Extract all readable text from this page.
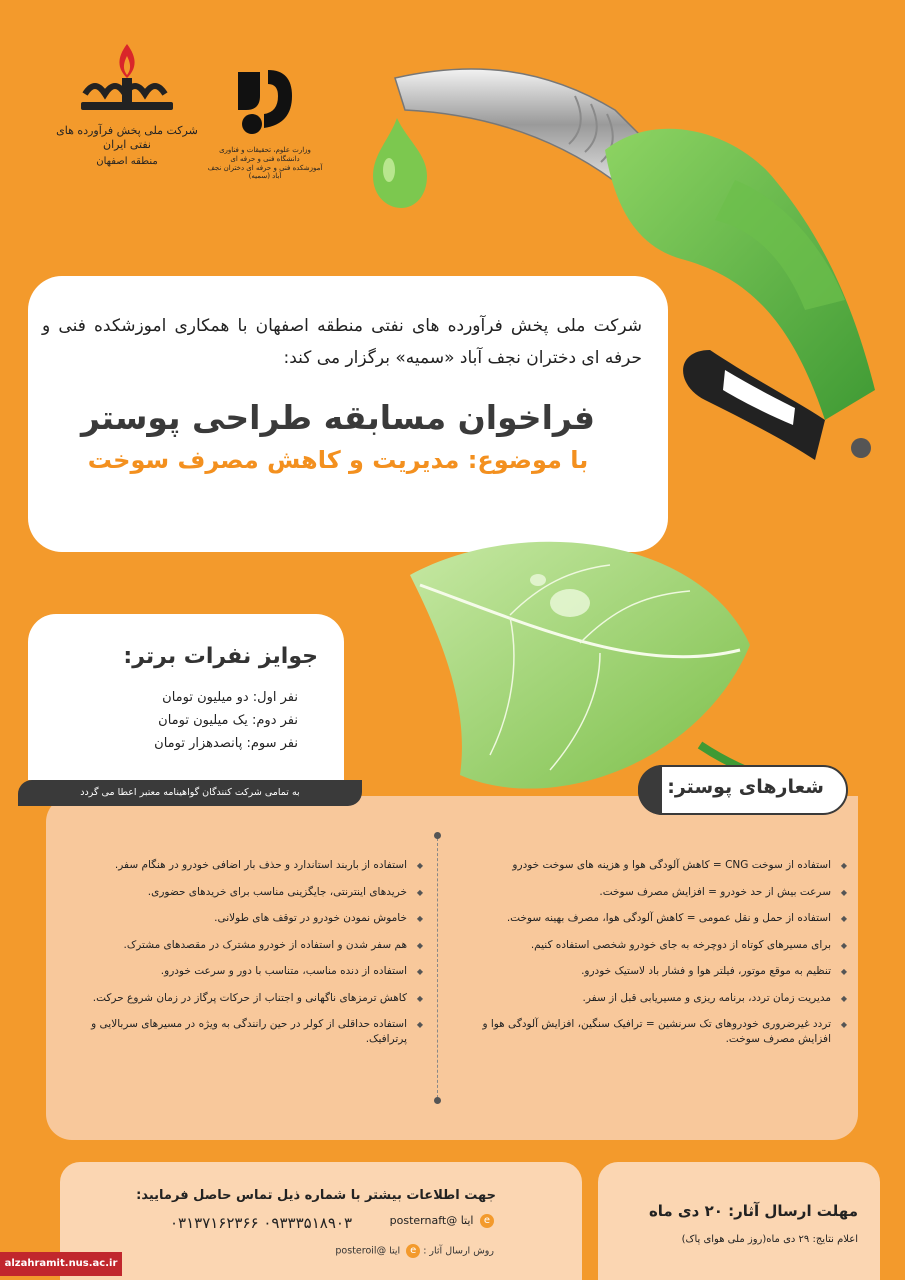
شرکت ملی پخش فرآورده های نفتی ایران
منطقه اصفهان
وزارت علوم، تحقیقات و فناوری
دانشگاه فنی و حرفه ای
آموزشکده فنی و حرفه ای دختران نجف آباد (سمیه)

شرکت ملی پخش فرآورده های نفتی منطقه اصفهان با همکاری اموزشکده فنی و حرفه ای دختران نجف آباد «سمیه» برگزار می کند:

فراخوان مسابقه طراحی پوستر
با موضوع: مدیریت و کاهش مصرف سوخت
جوایز نفرات برتر:
نفر اول: دو میلیون تومان
نفر دوم: یک میلیون تومان
نفر سوم: پانصدهزار تومان
به تمامی شرکت کنندگان گواهینامه معتبر اعطا می گردد	شعارهای پوستر:
◆ استفاده از سوخت CNG = کاهش آلودگی هوا و هزینه های سوخت خودرو
◆ سرعت بیش از حد خودرو = افزایش مصرف سوخت.
◆ استفاده از حمل و نقل عمومی = کاهش آلودگی هوا، مصرف بهینه سوخت.
◆ برای مسیرهای کوتاه از دوچرخه به جای خودرو شخصی استفاده کنیم.
◆ تنظیم به موقع موتور، فیلتر هوا و فشار باد لاستیک خودرو.
◆ مدیریت زمان تردد، برنامه ریزی و مسیریابی قبل از سفر.
◆ تردد غیرضروری خودروهای تک سرنشین = ترافیک سنگین، افزایش آلودگی هوا و افزایش مصرف سوخت.
◆ استفاده از باربند استاندارد و حذف بار اضافی خودرو در هنگام سفر.
◆ خریدهای اینترنتی، جایگزینی مناسب برای خریدهای حضوری.
◆ خاموش نمودن خودرو در توقف های طولانی.
◆ هم سفر شدن و استفاده از خودرو مشترک در مقصدهای مشترک.
◆ استفاده از دنده مناسب، متناسب با دور و سرعت خودرو.
◆ کاهش ترمزهای ناگهانی و اجتناب از حرکات پرگاز در زمان شروع حرکت.
◆ استفاده حداقلی از کولر در حین رانندگی به ویژه در مسیرهای سربالایی و پرترافیک.
جهت اطلاعات بیشتر با شماره ذیل تماس حاصل فرمایید:
e ایتا @posternaft
۰۹۳۳۳۵۱۸۹۰۳ ۰۳۱۳۷۱۶۲۳۶۶
روش ارسال آثار : e ایتا @posteroil
مهلت ارسال آثار: ۲۰ دی ماه
اعلام نتایج: ۲۹ دی ماه(روز ملی هوای پاک)
alzahramit.nus.ac.ir
